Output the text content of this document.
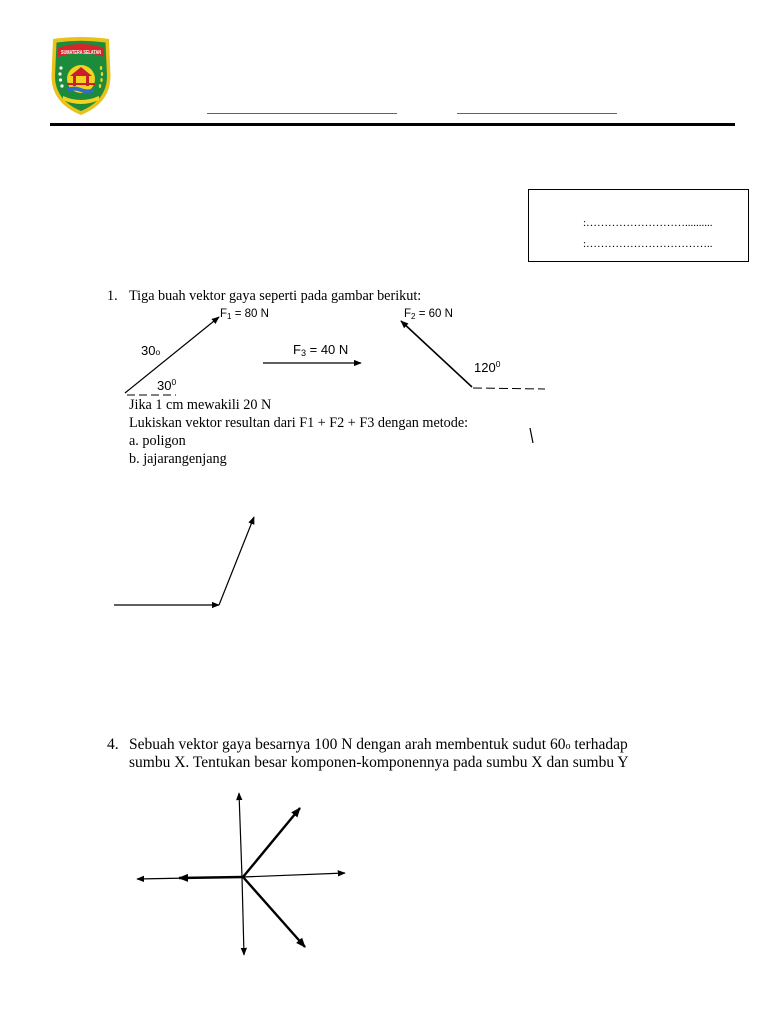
SUMATERA SELATAN
:………………………..........
:……………………………..
1. Tiga buah vektor gaya seperti pada gambar berikut:
$F_1 = 80$ N	$F_2 = 60$ N
$F_3 = 40$ N
30o
$120^0$
$30^0$
Jika 1 cm mewakili 20 N
Lukiskan vektor resultan dari F1 + F2 + F3 dengan metode:
a. poligon
b. jajarangenjang
4. Sebuah vektor gaya besarnya 100 N dengan arah membentuk sudut 60o terhadap
sumbu X. Tentukan besar komponen-komponennya pada sumbu X dan sumbu Y
